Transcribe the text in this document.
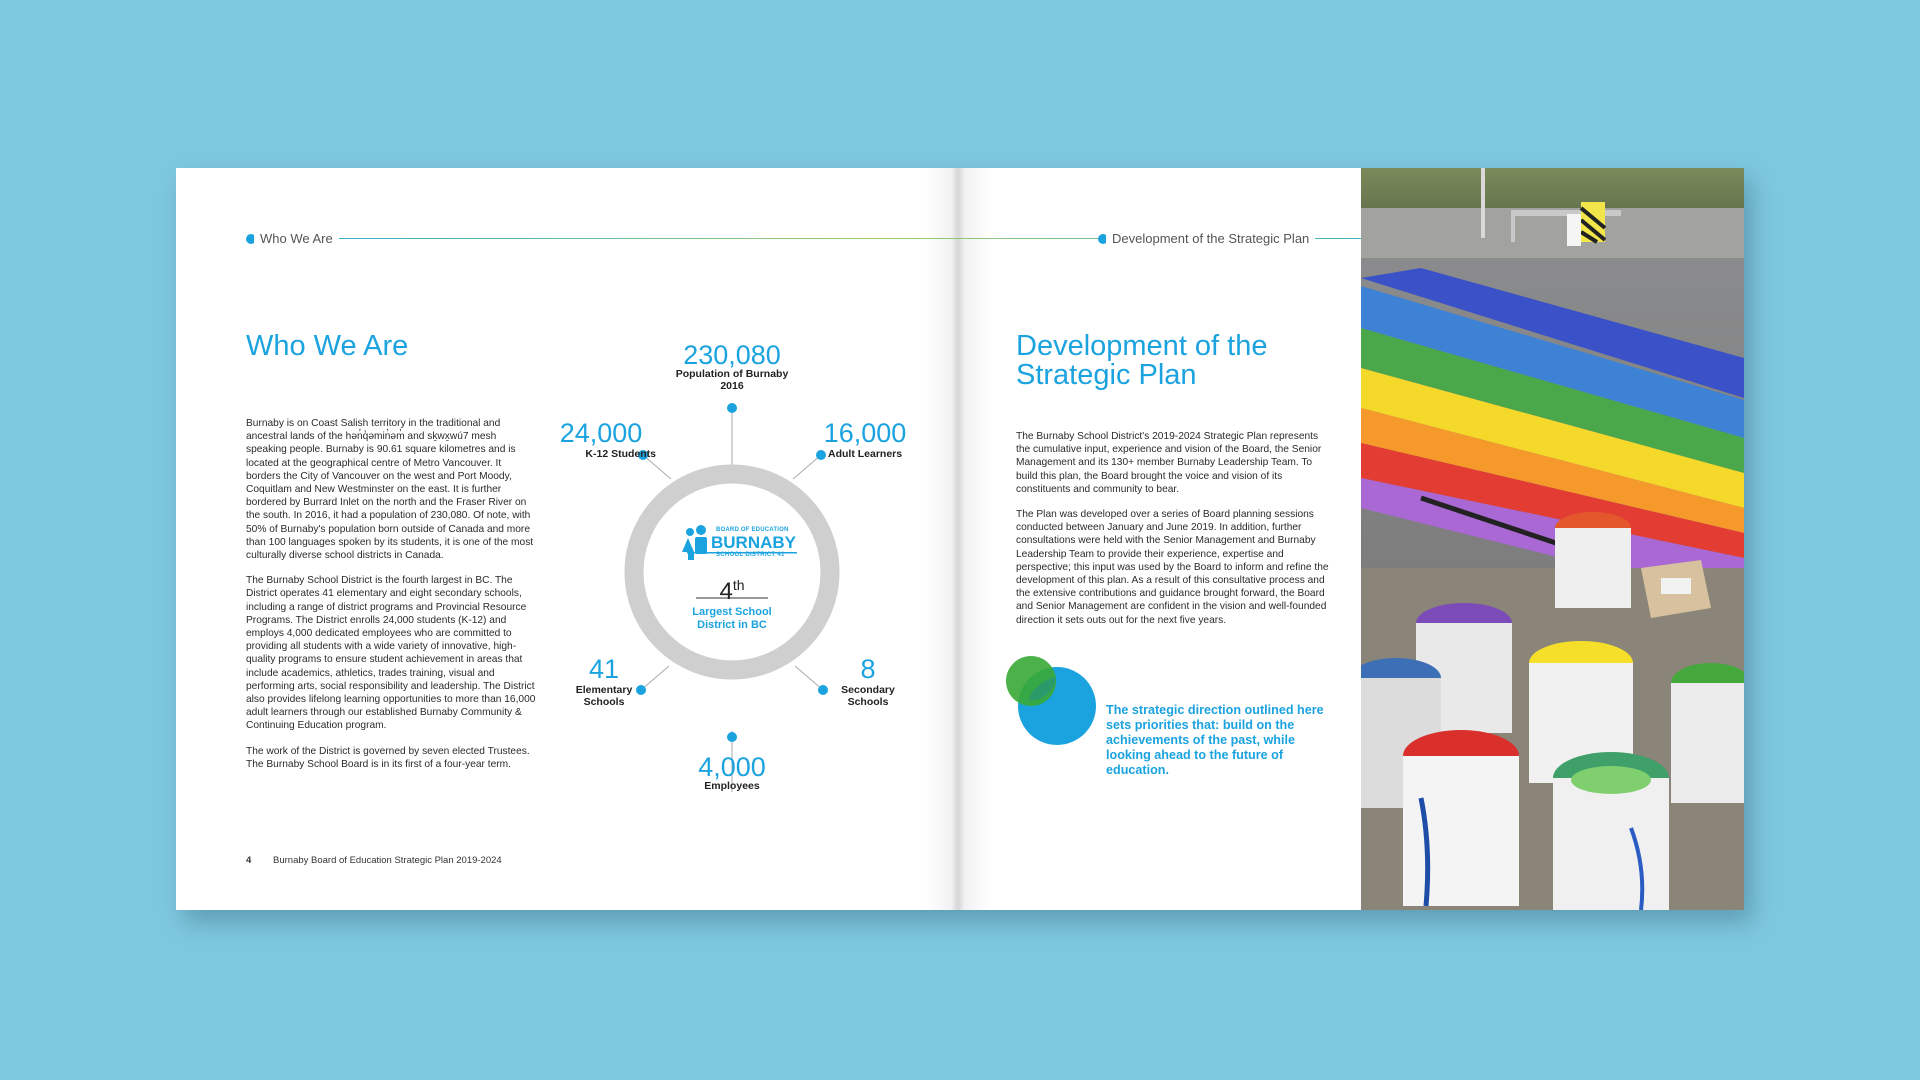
Who We Are	Development of the Strategic Plan
Who We Are

Burnaby is on Coast Salish territory in the traditional and ancestral lands of the hən̓q̓əmin̓əm̓ and sḵwx̱wú7 mesh speaking people. Burnaby is 90.61 square kilometres and is located at the geographical centre of Metro Vancouver. It borders the City of Vancouver on the west and Port Moody, Coquitlam and New Westminster on the east. It is further bordered by Burrard Inlet on the north and the Fraser River on the south. In 2016, it had a population of 230,080. Of note, with 50% of Burnaby's population born outside of Canada and more than 100 languages spoken by its students, it is one of the most culturally diverse school districts in Canada.

The Burnaby School District is the fourth largest in BC. The District operates 41 elementary and eight secondary schools, including a range of district programs and Provincial Resource Programs. The District enrolls 24,000 students (K-12) and employs 4,000 dedicated employees who are committed to providing all students with a wide variety of innovative, high-quality programs to ensure student achievement in areas that include academics, athletics, trades training, visual and performing arts, social responsibility and leadership. The District also provides lifelong learning opportunities to more than 16,000 adult learners through our established Burnaby Community & Continuing Education program.

The work of the District is governed by seven elected Trustees. The Burnaby School Board is in its first of a four-year term.

4 Burnaby Board of Education Strategic Plan 2019-2024
BOARD OF EDUCATION
BURNABY
SCHOOL DISTRICT 41
4th
Largest School
District in BC
230,080
Population of Burnaby
2016
24,000
K-12 Students
16,000
Adult Learners
41
Elementary
Schools
8
Secondary
Schools
4,000
Employees
Development of the
Strategic Plan

The Burnaby School District's 2019-2024 Strategic Plan represents the cumulative input, experience and vision of the Board, the Senior Management and its 130+ member Burnaby Leadership Team. To build this plan, the Board brought the voice and vision of its constituents and community to bear.

The Plan was developed over a series of Board planning sessions conducted between January and June 2019. In addition, further consultations were held with the Senior Management and Burnaby Leadership Team to provide their experience, expertise and perspective; this input was used by the Board to inform and refine the development of this plan. As a result of this consultative process and the extensive contributions and guidance brought forward, the Board and Senior Management are confident in the vision and well-founded direction it sets outs out for the next five years.

The strategic direction outlined here sets priorities that: build on the achievements of the past, while looking ahead to the future of education.
